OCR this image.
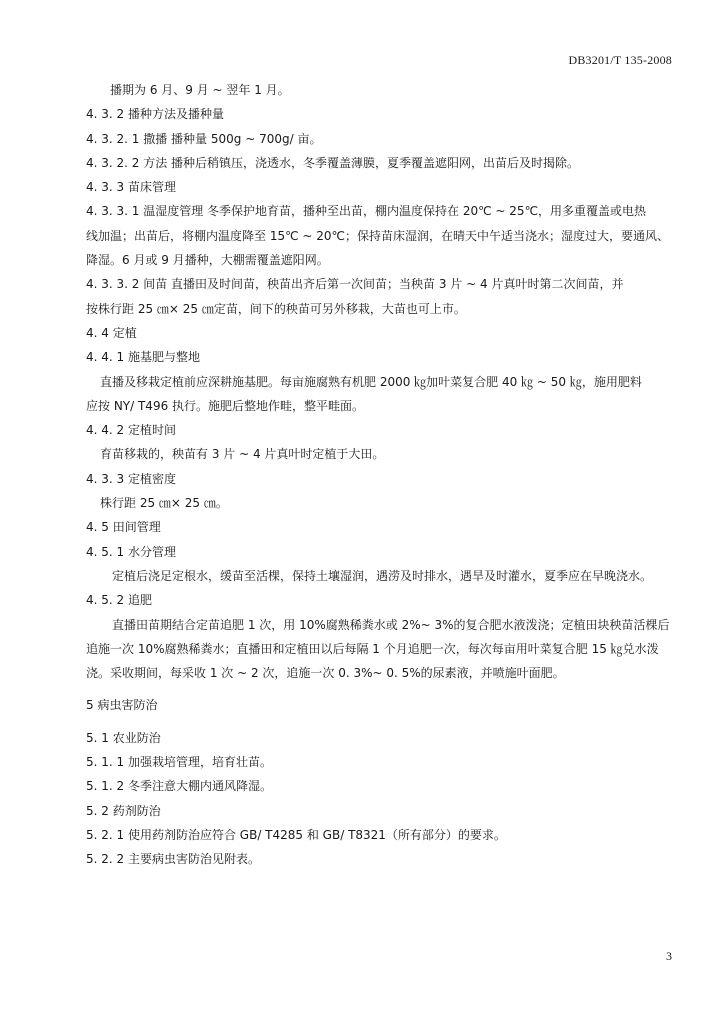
DB3201/T 135-2008
播期为 6 月、9 月 ~ 翌年 1 月。
4. 3. 2 播种方法及播种量
4. 3. 2. 1 撒播 播种量 500g ~ 700g/ 亩。
4. 3. 2. 2 方法 播种后稍镇压，浇透水，冬季覆盖薄膜，夏季覆盖遮阳网，出苗后及时揭除。
4. 3. 3 苗床管理
4. 3. 3. 1 温湿度管理 冬季保护地育苗，播种至出苗，棚内温度保持在 20℃ ~ 25℃，用多重覆盖或电热
线加温；出苗后，将棚内温度降至 15℃ ~ 20℃；保持苗床湿润，在晴天中午适当浇水；湿度过大，要通风、
降湿。6 月或 9 月播种，大棚需覆盖遮阳网。
4. 3. 3. 2 间苗 直播田及时间苗，秧苗出齐后第一次间苗；当秧苗 3 片 ~ 4 片真叶时第二次间苗，并
按株行距 25 ㎝× 25 ㎝定苗，间下的秧苗可另外移栽，大苗也可上市。
4. 4 定植
4. 4. 1 施基肥与整地
直播及移栽定植前应深耕施基肥。每亩施腐熟有机肥 2000 ㎏加叶菜复合肥 40 ㎏ ~ 50 ㎏，施用肥料
应按 NY/ T496 执行。施肥后整地作畦，整平畦面。
4. 4. 2 定植时间
育苗移栽的，秧苗有 3 片 ~ 4 片真叶时定植于大田。
4. 3. 3 定植密度
株行距 25 ㎝× 25 ㎝。
4. 5 田间管理
4. 5. 1 水分管理
定植后浇足定根水，缓苗至活棵，保持土壤湿润，遇涝及时排水，遇旱及时灌水，夏季应在早晚浇水。
4. 5. 2 追肥
直播田苗期结合定苗追肥 1 次，用 10%腐熟稀粪水或 2%~ 3%的复合肥水液泼浇；定植田块秧苗活棵后
追施一次 10%腐熟稀粪水；直播田和定植田以后每隔 1 个月追肥一次，每次每亩用叶菜复合肥 15 ㎏兑水泼
浇。采收期间，每采收 1 次 ~ 2 次，追施一次 0. 3%~ 0. 5%的尿素液，并喷施叶面肥。
5 病虫害防治
5. 1 农业防治
5. 1. 1 加强栽培管理，培育壮苗。
5. 1. 2 冬季注意大棚内通风降湿。
5. 2 药剂防治
5. 2. 1 使用药剂防治应符合 GB/ T4285 和 GB/ T8321（所有部分）的要求。
5. 2. 2 主要病虫害防治见附表。
3
